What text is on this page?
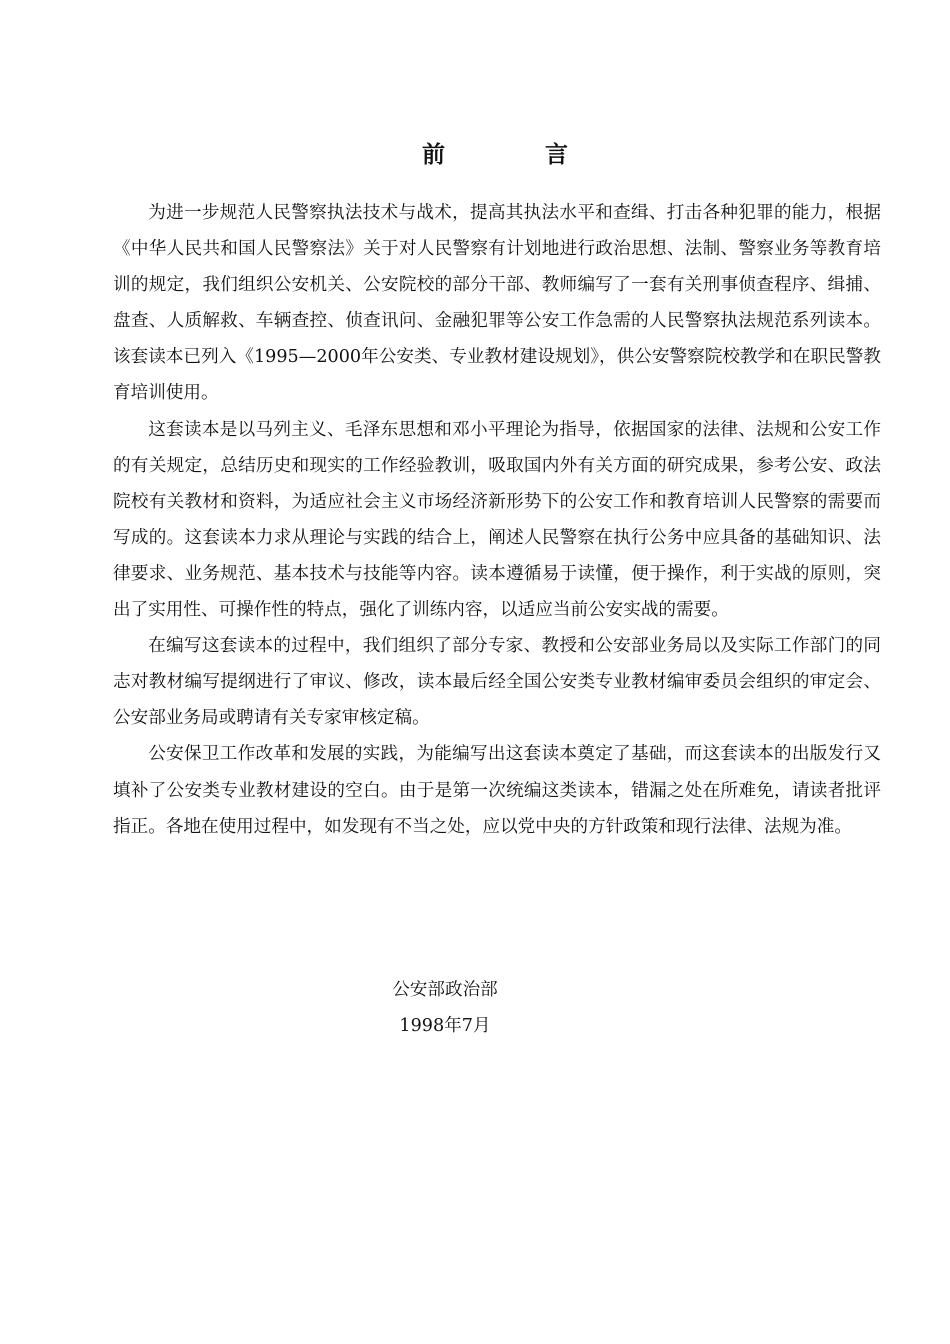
前	言

为进一步规范人民警察执法技术与战术，提高其执法水平和查缉、打击各种犯罪的能力，根据《中华人民共和国人民警察法》关于对人民警察有计划地进行政治思想、法制、警察业务等教育培训的规定，我们组织公安机关、公安院校的部分干部、教师编写了一套有关刑事侦查程序、缉捕、盘查、人质解救、车辆查控、侦查讯问、金融犯罪等公安工作急需的人民警察执法规范系列读本。该套读本已列入《1995—2000年公安类、专业教材建设规划》，供公安警察院校教学和在职民警教育培训使用。

这套读本是以马列主义、毛泽东思想和邓小平理论为指导，依据国家的法律、法规和公安工作的有关规定，总结历史和现实的工作经验教训，吸取国内外有关方面的研究成果，参考公安、政法院校有关教材和资料，为适应社会主义市场经济新形势下的公安工作和教育培训人民警察的需要而写成的。这套读本力求从理论与实践的结合上，阐述人民警察在执行公务中应具备的基础知识、法律要求、业务规范、基本技术与技能等内容。读本遵循易于读懂，便于操作，利于实战的原则，突出了实用性、可操作性的特点，强化了训练内容，以适应当前公安实战的需要。

在编写这套读本的过程中，我们组织了部分专家、教授和公安部业务局以及实际工作部门的同志对教材编写提纲进行了审议、修改，读本最后经全国公安类专业教材编审委员会组织的审定会、公安部业务局或聘请有关专家审核定稿。

公安保卫工作改革和发展的实践，为能编写出这套读本奠定了基础，而这套读本的出版发行又填补了公安类专业教材建设的空白。由于是第一次统编这类读本，错漏之处在所难免，请读者批评指正。各地在使用过程中，如发现有不当之处，应以党中央的方针政策和现行法律、法规为准。

公安部政治部
1998年7月
